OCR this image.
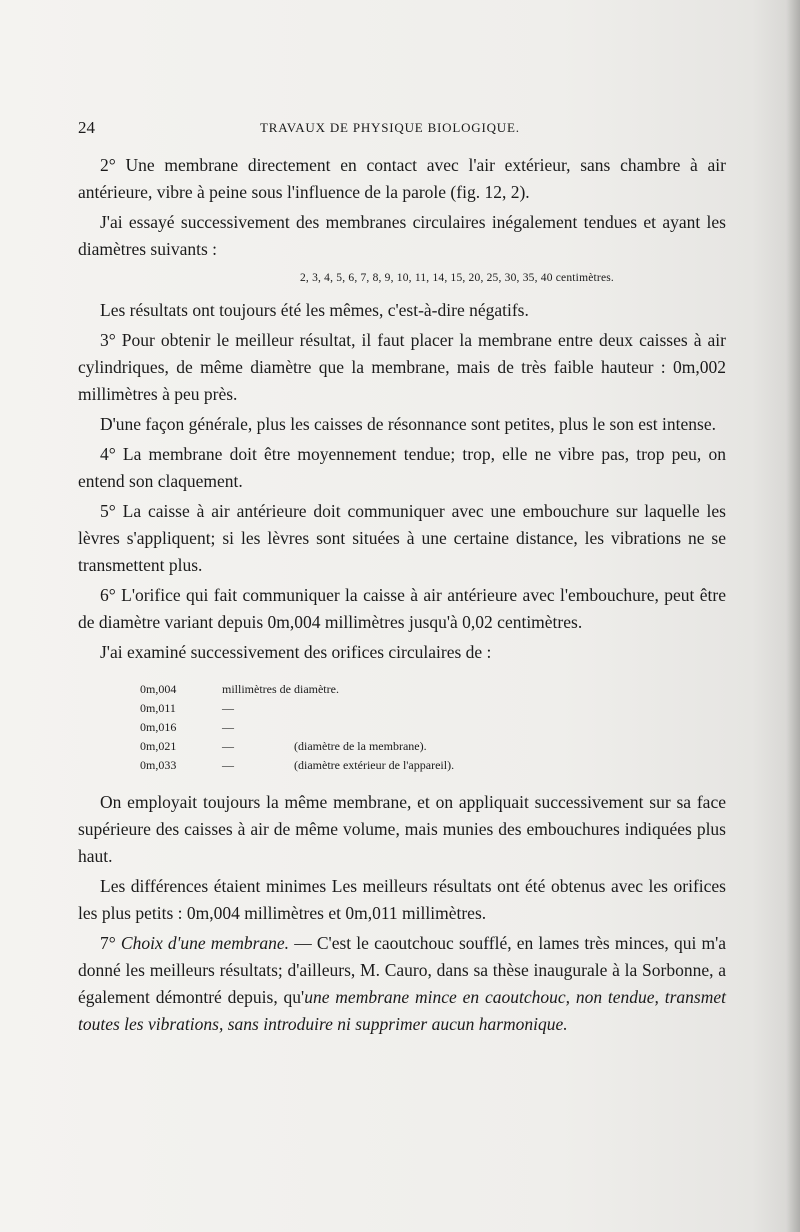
24	TRAVAUX DE PHYSIQUE BIOLOGIQUE.

2° Une membrane directement en contact avec l'air extérieur, sans chambre à air antérieure, vibre à peine sous l'influence de la parole (fig. 12, 2).

J'ai essayé successivement des membranes circulaires inégalement tendues et ayant les diamètres suivants :

2, 3, 4, 5, 6, 7, 8, 9, 10, 11, 14, 15, 20, 25, 30, 35, 40 centimètres.

Les résultats ont toujours été les mêmes, c'est-à-dire négatifs.

3° Pour obtenir le meilleur résultat, il faut placer la membrane entre deux caisses à air cylindriques, de même diamètre que la membrane, mais de très faible hauteur : 0m,002 millimètres à peu près.

D'une façon générale, plus les caisses de résonnance sont petites, plus le son est intense.

4° La membrane doit être moyennement tendue; trop, elle ne vibre pas, trop peu, on entend son claquement.

5° La caisse à air antérieure doit communiquer avec une embouchure sur laquelle les lèvres s'appliquent; si les lèvres sont situées à une certaine distance, les vibrations ne se transmettent plus.

6° L'orifice qui fait communiquer la caisse à air antérieure avec l'embouchure, peut être de diamètre variant depuis 0m,004 millimètres jusqu'à 0,02 centimètres.

J'ai examiné successivement des orifices circulaires de :

0m,004	millimètres de diamètre.
0m,011	—
0m,016	—
0m,021	—	(diamètre de la membrane).
0m,033	—	(diamètre extérieur de l'appareil).

On employait toujours la même membrane, et on appliquait successivement sur sa face supérieure des caisses à air de même volume, mais munies des embouchures indiquées plus haut.

Les différences étaient minimes Les meilleurs résultats ont été obtenus avec les orifices les plus petits : 0m,004 millimètres et 0m,011 millimètres.

7° Choix d'une membrane. — C'est le caoutchouc soufflé, en lames très minces, qui m'a donné les meilleurs résultats; d'ailleurs, M. Cauro, dans sa thèse inaugurale à la Sorbonne, a également démontré depuis, qu'une membrane mince en caoutchouc, non tendue, transmet toutes les vibrations, sans introduire ni supprimer aucun harmonique.
